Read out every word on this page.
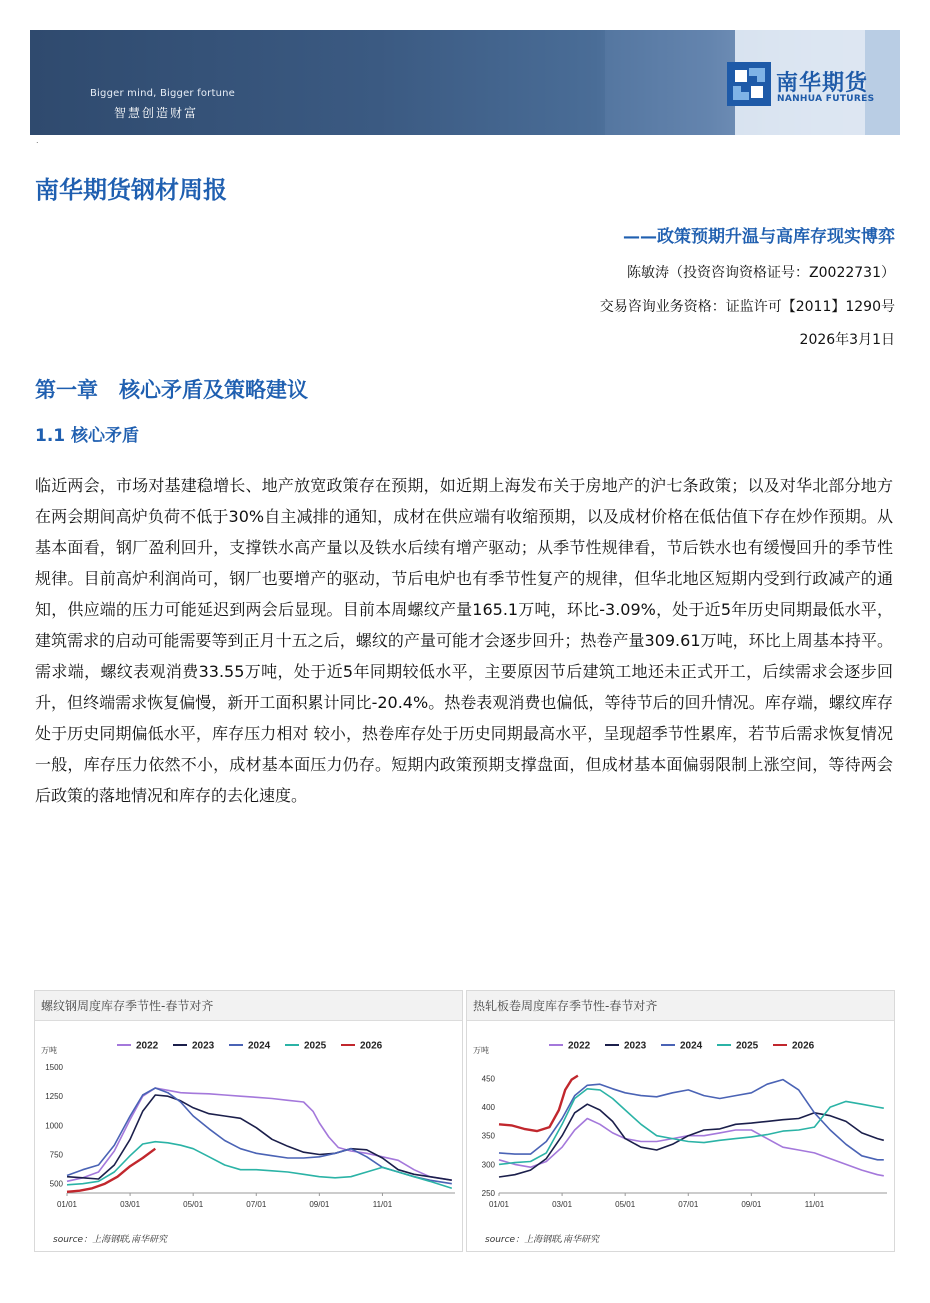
Bigger mind, Bigger fortune
智慧创造财富
南华期货
NANHUA FUTURES
.
南华期货钢材周报
——政策预期升温与高库存现实博弈
陈敏涛（投资咨询资格证号：Z0022731）
交易咨询业务资格：证监许可【2011】1290号
2026年3月1日
第一章　核心矛盾及策略建议
1.1 核心矛盾
临近两会，市场对基建稳增长、地产放宽政策存在预期，如近期上海发布关于房地产的沪七条政策；以及对华北部分地方在两会期间高炉负荷不低于30%自主减排的通知，成材在供应端有收缩预期，以及成材价格在低估值下存在炒作预期。从基本面看，钢厂盈利回升，支撑铁水高产量以及铁水后续有增产驱动；从季节性规律看，节后铁水也有缓慢回升的季节性规律。目前高炉利润尚可，钢厂也要增产的驱动，节后电炉也有季节性复产的规律，但华北地区短期内受到行政减产的通知，供应端的压力可能延迟到两会后显现。目前本周螺纹产量165.1万吨，环比-3.09%，处于近5年历史同期最低水平，建筑需求的启动可能需要等到正月十五之后，螺纹的产量可能才会逐步回升；热卷产量309.61万吨，环比上周基本持平。需求端，螺纹表观消费33.55万吨，处于近5年同期较低水平，主要原因节后建筑工地还未正式开工，后续需求会逐步回升，但终端需求恢复偏慢，新开工面积累计同比-20.4%。热卷表观消费也偏低，等待节后的回升情况。库存端，螺纹库存处于历史同期偏低水平，库存压力相对 较小，热卷库存处于历史同期最高水平，呈现超季节性累库，若节后需求恢复情况一般，库存压力依然不小，成材基本面压力仍存。短期内政策预期支撑盘面，但成材基本面偏弱限制上涨空间，等待两会后政策的落地情况和库存的去化速度。
螺纹钢周度库存季节性-春节对齐
2022	2023	2024	2025	2026
万吨
500
750
1000
1250
1500
01/01	03/01	05/01	07/01	09/01	11/01
source：上海钢联,南华研究
热轧板卷周度库存季节性-春节对齐
2022	2023	2024	2025	2026
万吨
250
300
350
400
450
01/01	03/01	05/01	07/01	09/01	11/01
source：上海钢联,南华研究
